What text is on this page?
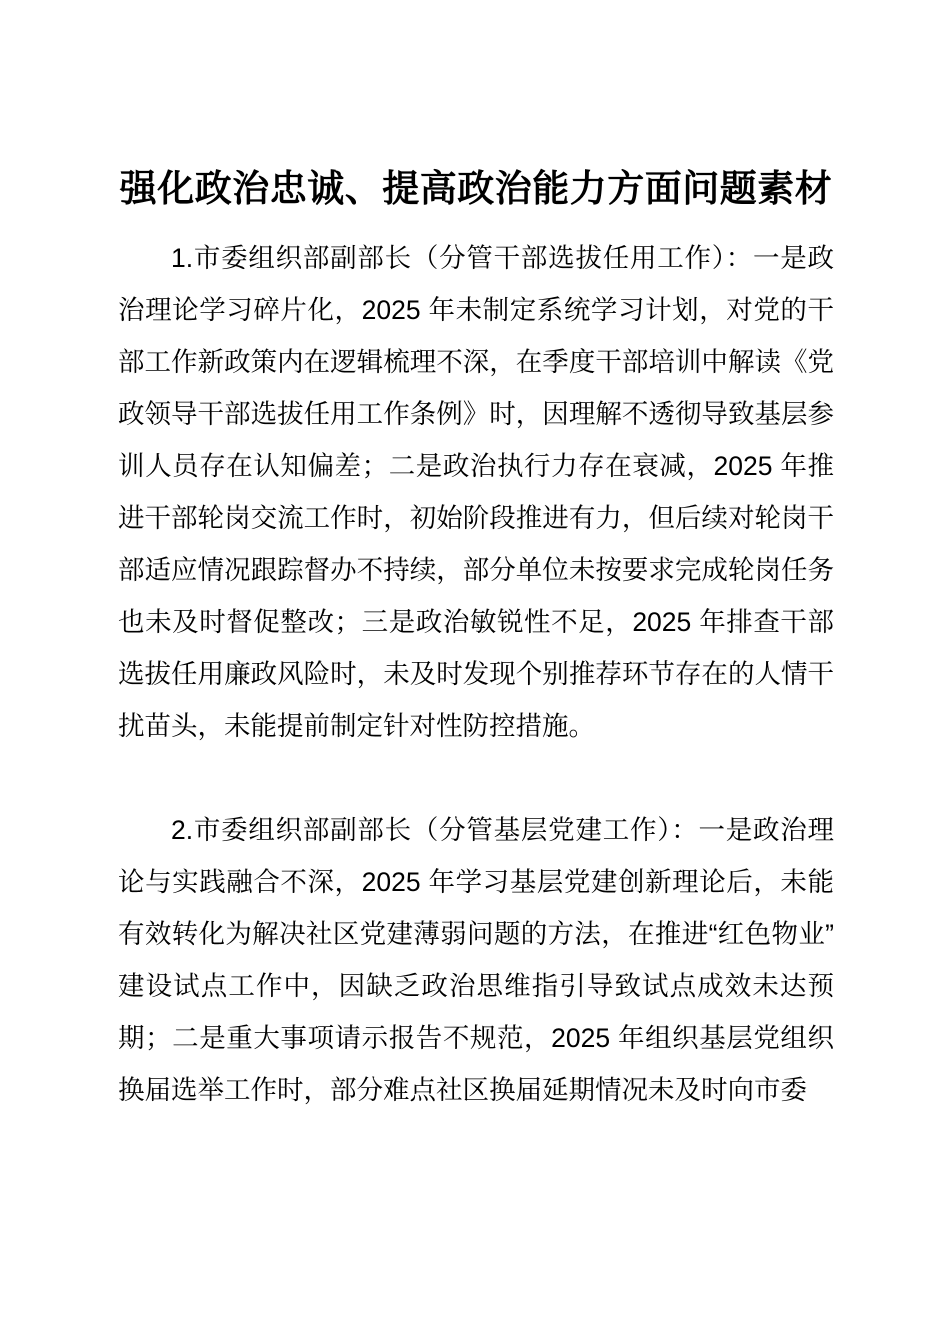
强化政治忠诚、提高政治能力方面问题素材

1.市委组织部副部长（分管干部选拔任用工作）：一是政治理论学习碎片化，2025 年未制定系统学习计划，对党的干部工作新政策内在逻辑梳理不深，在季度干部培训中解读《党政领导干部选拔任用工作条例》时，因理解不透彻导致基层参训人员存在认知偏差；二是政治执行力存在衰减，2025 年推进干部轮岗交流工作时，初始阶段推进有力，但后续对轮岗干部适应情况跟踪督办不持续，部分单位未按要求完成轮岗任务也未及时督促整改；三是政治敏锐性不足，2025 年排查干部选拔任用廉政风险时，未及时发现个别推荐环节存在的人情干扰苗头，未能提前制定针对性防控措施。

2.市委组织部副部长（分管基层党建工作）：一是政治理论与实践融合不深，2025 年学习基层党建创新理论后，未能有效转化为解决社区党建薄弱问题的方法，在推进“红色物业”建设试点工作中，因缺乏政治思维指引导致试点成效未达预期；二是重大事项请示报告不规范，2025 年组织基层党组织换届选举工作时，部分难点社区换届延期情况未及时向市委
